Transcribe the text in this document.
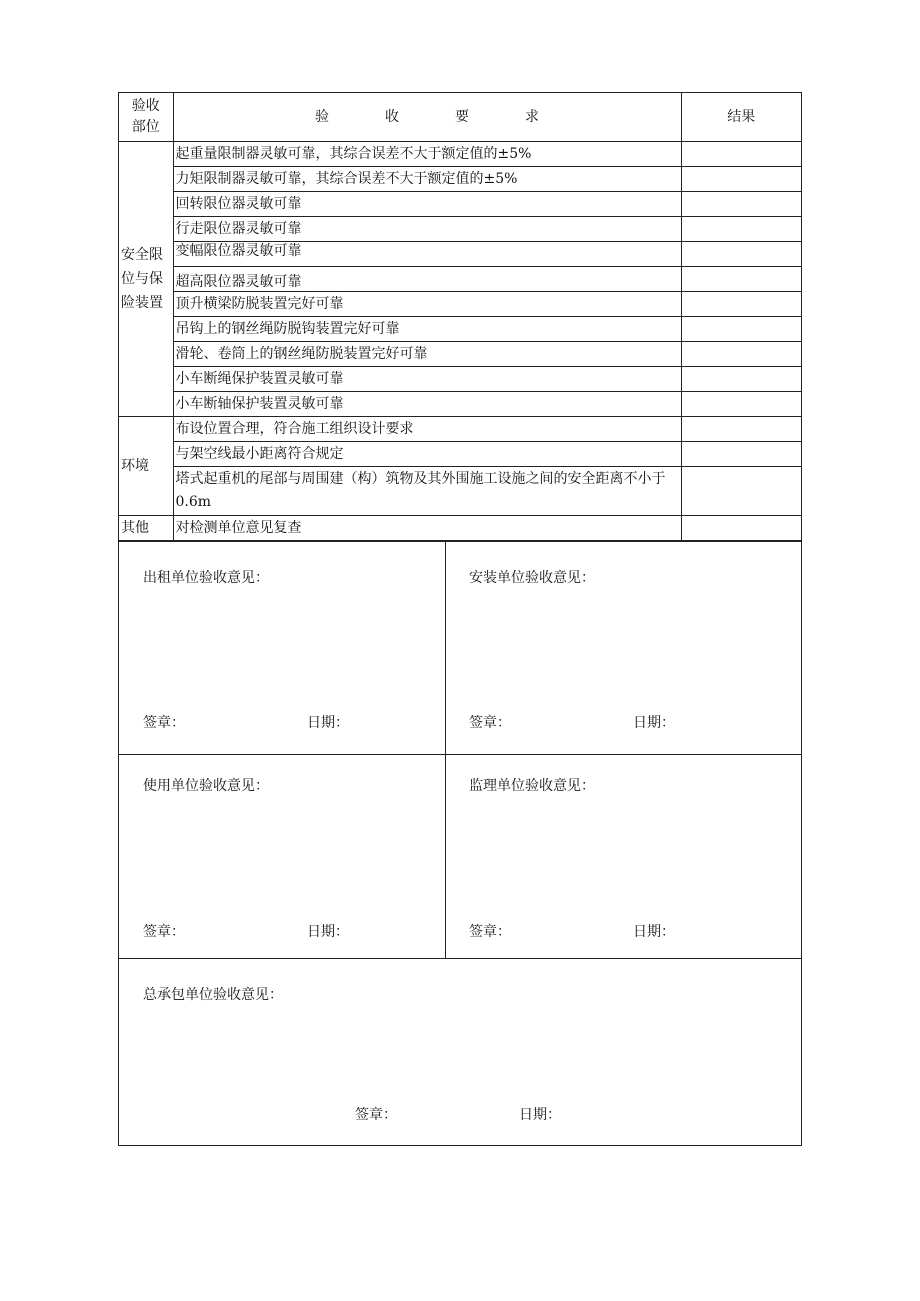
验收
部位	验 收 要 求	结果

安全限
位与保
险装置	起重量限制器灵敏可靠，其综合误差不大于额定值的±5%	
	力矩限制器灵敏可靠，其综合误差不大于额定值的±5%	
	回转限位器灵敏可靠	
	行走限位器灵敏可靠	
	变幅限位器灵敏可靠	
	超高限位器灵敏可靠	
	顶升横梁防脱装置完好可靠	
	吊钩上的钢丝绳防脱钩装置完好可靠	
	滑轮、卷筒上的钢丝绳防脱装置完好可靠	
	小车断绳保护装置灵敏可靠	
	小车断轴保护装置灵敏可靠	

环境	布设位置合理，符合施工组织设计要求	
	与架空线最小距离符合规定	
	塔式起重机的尾部与周围建（构）筑物及其外围施工设施之间的安全距离不小于0.6m	

其他	对检测单位意见复查	
出租单位验收意见：
签章：	日期：
安装单位验收意见：
签章：	日期：
使用单位验收意见：
签章：	日期：
监理单位验收意见：
签章：	日期：
总承包单位验收意见：
签章：	日期：
